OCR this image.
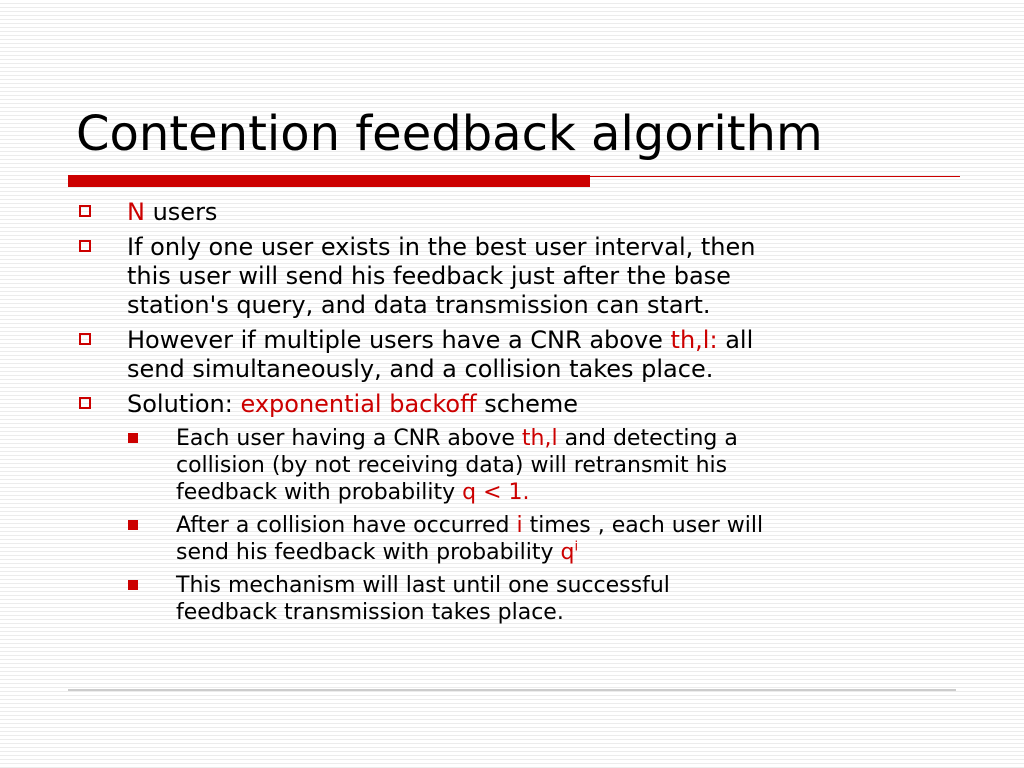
Contention feedback algorithm
N users
If only one user exists in the best user interval, then
this user will send his feedback just after the base
station's query, and data transmission can start.
However if multiple users have a CNR above th,l: all
send simultaneously, and a collision takes place.
Solution: exponential backoff scheme
Each user having a CNR above th,l and detecting a
collision (by not receiving data) will retransmit his
feedback with probability q < 1.
After a collision have occurred i times , each user will
send his feedback with probability $q^i$
This mechanism will last until one successful
feedback transmission takes place.
